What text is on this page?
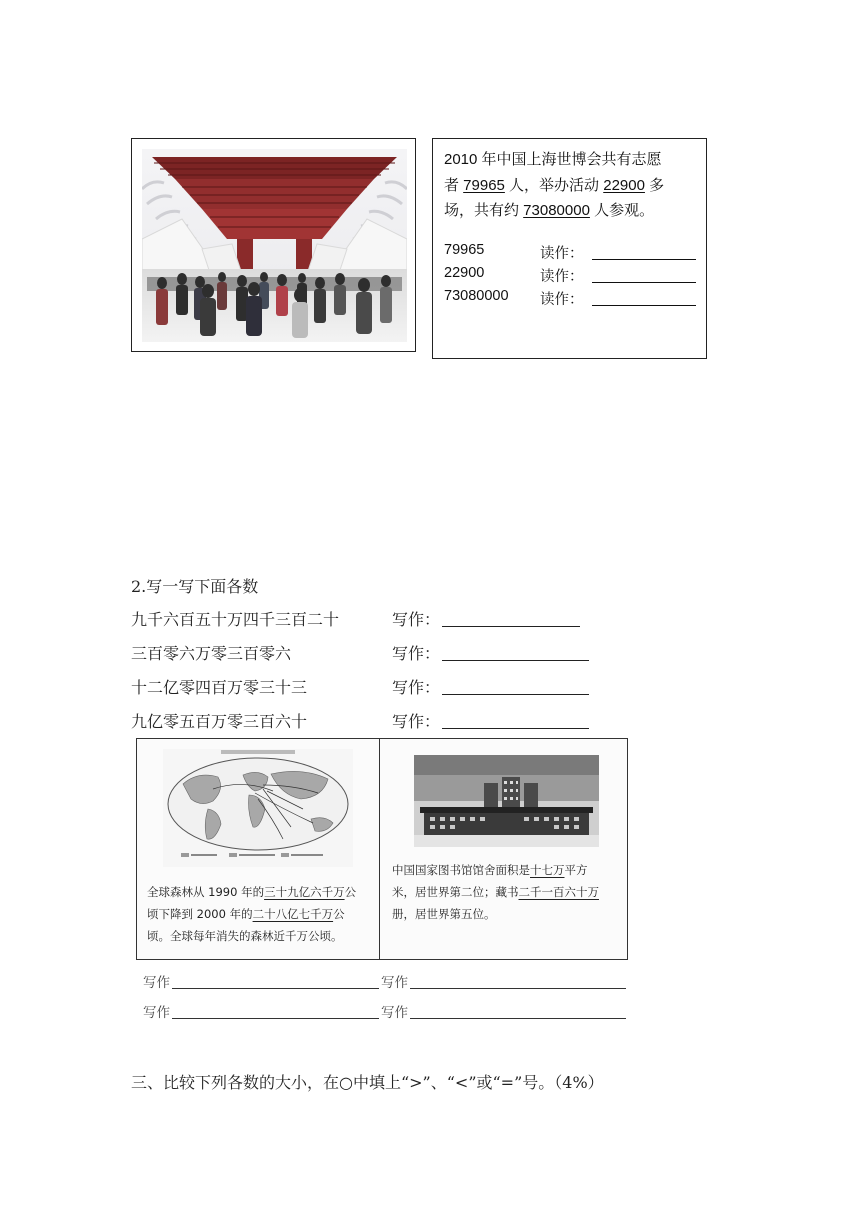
2010 年中国上海世博会共有志愿
者 79965 人，举办活动 22900 多
场，共有约 73080000 人参观。
79965	读作：
22900	读作：
73080000 读作：
2.写一写下面各数
九千六百五十万四千三百二十	写作：
三百零六万零三百零六	写作：
十二亿零四百万零三十三	写作：
九亿零五百万零三百六十	写作：
全球森林从 1990 年的三十九亿六千万公
顷下降到 2000 年的二十八亿七千万公
顷。全球每年消失的森林近千万公顷。
中国国家图书馆馆舍面积是十七万平方
米，居世界第二位；藏书二千一百六十万
册，居世界第五位。
写作	写作
写作	写作
三、比较下列各数的大小，在○中填上“>”、“<”或“=”号。（4%）
